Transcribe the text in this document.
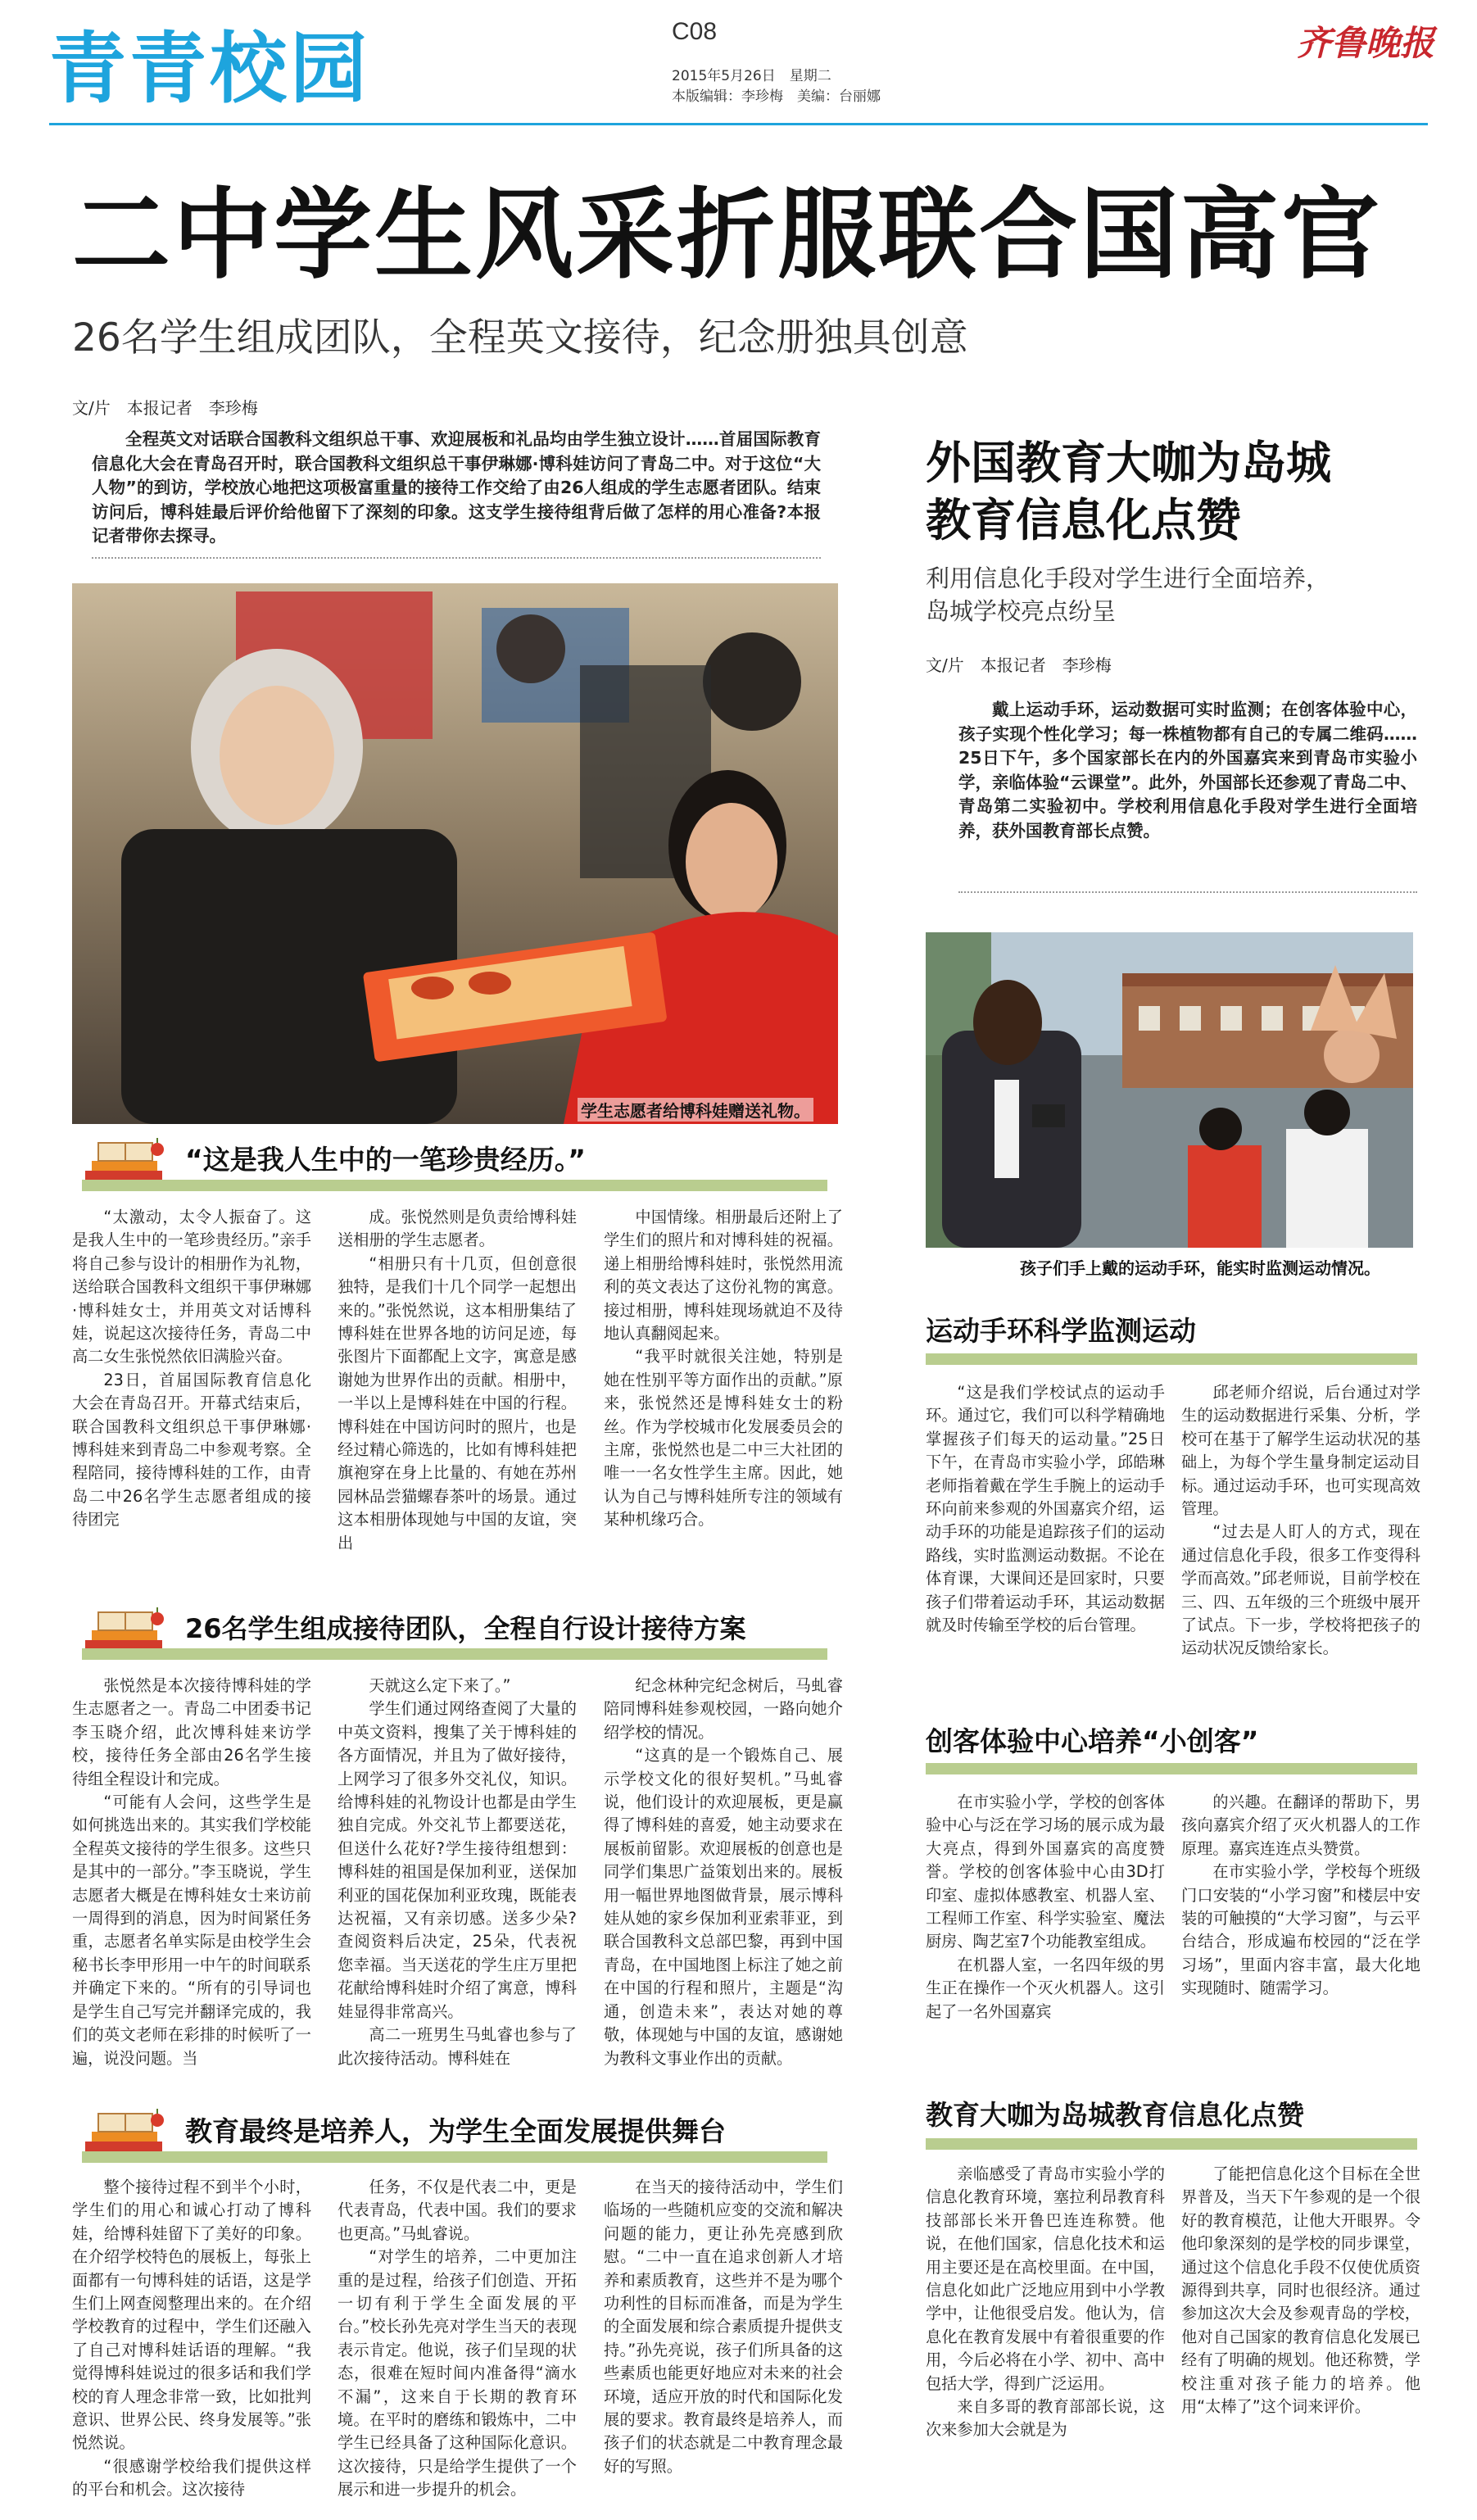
青青校园	C08
2015年5月26日　星期二
本版编辑：李珍梅　美编：台丽娜
齐鲁晚报
二中学生风采折服联合国高官
26名学生组成团队，全程英文接待，纪念册独具创意
文/片　本报记者　李珍梅
全程英文对话联合国教科文组织总干事、欢迎展板和礼品均由学生独立设计……首届国际教育信息化大会在青岛召开时，联合国教科文组织总干事伊琳娜·博科娃访问了青岛二中。对于这位“大人物”的到访，学校放心地把这项极富重量的接待工作交给了由26人组成的学生志愿者团队。结束访问后，博科娃最后评价给他留下了深刻的印象。这支学生接待组背后做了怎样的用心准备?本报记者带你去探寻。
学生志愿者给博科娃赠送礼物。
“这是我人生中的一笔珍贵经历。”

“太激动，太令人振奋了。这是我人生中的一笔珍贵经历。”亲手将自己参与设计的相册作为礼物，送给联合国教科文组织干事伊琳娜·博科娃女士，并用英文对话博科娃，说起这次接待任务，青岛二中高二女生张悦然依旧满脸兴奋。

23日，首届国际教育信息化大会在青岛召开。开幕式结束后，联合国教科文组织总干事伊琳娜·博科娃来到青岛二中参观考察。全程陪同，接待博科娃的工作，由青岛二中26名学生志愿者组成的接待团完

成。张悦然则是负责给博科娃送相册的学生志愿者。

“相册只有十几页，但创意很独特，是我们十几个同学一起想出来的。”张悦然说，这本相册集结了博科娃在世界各地的访问足迹，每张图片下面都配上文字，寓意是感谢她为世界作出的贡献。相册中，一半以上是博科娃在中国的行程。博科娃在中国访问时的照片，也是经过精心筛选的，比如有博科娃把旗袍穿在身上比量的、有她在苏州园林品尝猫螺春茶叶的场景。通过这本相册体现她与中国的友谊，突出

中国情缘。相册最后还附上了学生们的照片和对博科娃的祝福。递上相册给博科娃时，张悦然用流利的英文表达了这份礼物的寓意。接过相册，博科娃现场就迫不及待地认真翻阅起来。

“我平时就很关注她，特别是她在性别平等方面作出的贡献。”原来，张悦然还是博科娃女士的粉丝。作为学校城市化发展委员会的主席，张悦然也是二中三大社团的唯一一名女性学生主席。因此，她认为自己与博科娃所专注的领域有某种机缘巧合。

26名学生组成接待团队，全程自行设计接待方案

张悦然是本次接待博科娃的学生志愿者之一。青岛二中团委书记李玉晓介绍，此次博科娃来访学校，接待任务全部由26名学生接待组全程设计和完成。

“可能有人会问，这些学生是如何挑选出来的。其实我们学校能全程英文接待的学生很多。这些只是其中的一部分。”李玉晓说，学生志愿者大概是在博科娃女士来访前一周得到的消息，因为时间紧任务重，志愿者名单实际是由校学生会秘书长李甲形用一中午的时间联系并确定下来的。“所有的引导词也是学生自己写完并翻译完成的，我们的英文老师在彩排的时候听了一遍，说没问题。当

天就这么定下来了。”

学生们通过网络查阅了大量的中英文资料，搜集了关于博科娃的各方面情况，并且为了做好接待，上网学习了很多外交礼仪，知识。给博科娃的礼物设计也都是由学生独自完成。外交礼节上都要送花，但送什么花好?学生接待组想到：博科娃的祖国是保加利亚，送保加利亚的国花保加利亚玫瑰，既能表达祝福，又有亲切感。送多少朵?查阅资料后决定，25朵，代表祝您幸福。当天送花的学生庄万里把花献给博科娃时介绍了寓意，博科娃显得非常高兴。

高二一班男生马虬睿也参与了此次接待活动。博科娃在

纪念林种完纪念树后，马虬睿陪同博科娃参观校园，一路向她介绍学校的情况。

“这真的是一个锻炼自己、展示学校文化的很好契机。”马虬睿说，他们设计的欢迎展板，更是赢得了博科娃的喜爱，她主动要求在展板前留影。欢迎展板的创意也是同学们集思广益策划出来的。展板用一幅世界地图做背景，展示博科娃从她的家乡保加利亚索菲亚，到联合国教科文总部巴黎，再到中国青岛，在中国地图上标注了她之前在中国的行程和照片，主题是“沟通，创造未来”，表达对她的尊敬，体现她与中国的友谊，感谢她为教科文事业作出的贡献。

教育最终是培养人，为学生全面发展提供舞台

整个接待过程不到半个小时，学生们的用心和诚心打动了博科娃，给博科娃留下了美好的印象。在介绍学校特色的展板上，每张上面都有一句博科娃的话语，这是学生们上网查阅整理出来的。在介绍学校教育的过程中，学生们还融入了自己对博科娃话语的理解。“我觉得博科娃说过的很多话和我们学校的育人理念非常一致，比如批判意识、世界公民、终身发展等。”张悦然说。

“很感谢学校给我们提供这样的平台和机会。这次接待

任务，不仅是代表二中，更是代表青岛，代表中国。我们的要求也更高。”马虬睿说。

“对学生的培养，二中更加注重的是过程，给孩子们创造、开拓一切有利于学生全面发展的平台。”校长孙先亮对学生当天的表现表示肯定。他说，孩子们呈现的状态，很难在短时间内准备得“滴水不漏”，这来自于长期的教育环境。在平时的磨练和锻炼中，二中学生已经具备了这种国际化意识。这次接待，只是给学生提供了一个展示和进一步提升的机会。

在当天的接待活动中，学生们临场的一些随机应变的交流和解决问题的能力，更让孙先亮感到欣慰。“二中一直在追求创新人才培养和素质教育，这些并不是为哪个功利性的目标而准备，而是为学生的全面发展和综合素质提升提供支持。”孙先亮说，孩子们所具备的这些素质也能更好地应对未来的社会环境，适应开放的时代和国际化发展的要求。教育最终是培养人，而孩子们的状态就是二中教育理念最好的写照。

外国教育大咖为岛城
教育信息化点赞
利用信息化手段对学生进行全面培养，
岛城学校亮点纷呈
文/片　本报记者　李珍梅
戴上运动手环，运动数据可实时监测；在创客体验中心，孩子实现个性化学习；每一株植物都有自己的专属二维码……25日下午，多个国家部长在内的外国嘉宾来到青岛市实验小学，亲临体验“云课堂”。此外，外国部长还参观了青岛二中、青岛第二实验初中。学校利用信息化手段对学生进行全面培养，获外国教育部长点赞。
孩子们手上戴的运动手环，能实时监测运动情况。
运动手环科学监测运动

“这是我们学校试点的运动手环。通过它，我们可以科学精确地掌握孩子们每天的运动量。”25日下午，在青岛市实验小学，邱皓琳老师指着戴在学生手腕上的运动手环向前来参观的外国嘉宾介绍，运动手环的功能是追踪孩子们的运动路线，实时监测运动数据。不论在体育课，大课间还是回家时，只要孩子们带着运动手环，其运动数据就及时传输至学校的后台管理。

邱老师介绍说，后台通过对学生的运动数据进行采集、分析，学校可在基于了解学生运动状况的基础上，为每个学生量身制定运动目标。通过运动手环，也可实现高效管理。

“过去是人盯人的方式，现在通过信息化手段，很多工作变得科学而高效。”邱老师说，目前学校在三、四、五年级的三个班级中展开了试点。下一步，学校将把孩子的运动状况反馈给家长。

创客体验中心培养“小创客”

在市实验小学，学校的创客体验中心与泛在学习场的展示成为最大亮点，得到外国嘉宾的高度赞誉。学校的创客体验中心由3D打印室、虚拟体感教室、机器人室、工程师工作室、科学实验室、魔法厨房、陶艺室7个功能教室组成。

在机器人室，一名四年级的男生正在操作一个灭火机器人。这引起了一名外国嘉宾

的兴趣。在翻译的帮助下，男孩向嘉宾介绍了灭火机器人的工作原理。嘉宾连连点头赞赏。

在市实验小学，学校每个班级门口安装的“小学习窗”和楼层中安装的可触摸的“大学习窗”，与云平台结合，形成遍布校园的“泛在学习场”，里面内容丰富，最大化地实现随时、随需学习。

教育大咖为岛城教育信息化点赞

亲临感受了青岛市实验小学的信息化教育环境，塞拉利昂教育科技部部长米开鲁巴连连称赞。他说，在他们国家，信息化技术和运用主要还是在高校里面。在中国，信息化如此广泛地应用到中小学教学中，让他很受启发。他认为，信息化在教育发展中有着很重要的作用，今后必将在小学、初中、高中包括大学，得到广泛运用。

来自多哥的教育部部长说，这次来参加大会就是为

了能把信息化这个目标在全世界普及，当天下午参观的是一个很好的教育模范，让他大开眼界。令他印象深刻的是学校的同步课堂，通过这个信息化手段不仅使优质资源得到共享，同时也很经济。通过参加这次大会及参观青岛的学校，他对自己国家的教育信息化发展已经有了明确的规划。他还称赞，学校注重对孩子能力的培养。他用“太棒了”这个词来评价。
